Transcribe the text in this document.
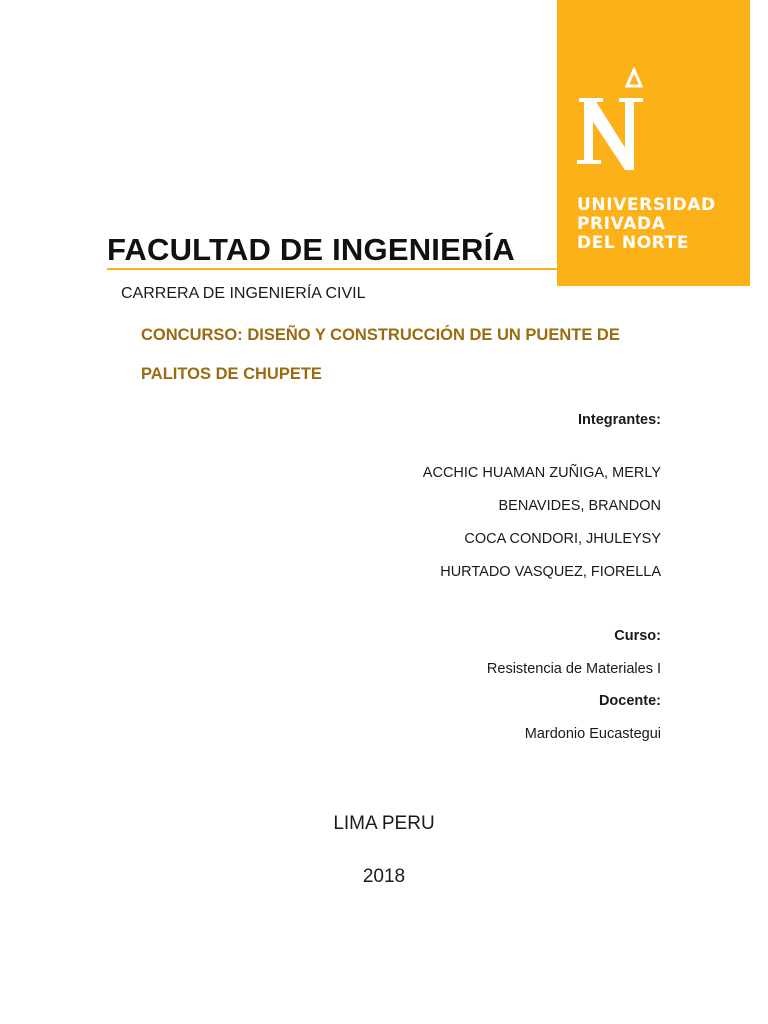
UNIVERSIDAD
PRIVADA
DEL NORTE
FACULTAD DE INGENIERÍA
CARRERA DE INGENIERÍA CIVIL
CONCURSO: DISEÑO Y CONSTRUCCIÓN DE UN PUENTE DE
PALITOS DE CHUPETE
Integrantes:
ACCHIC HUAMAN ZUÑIGA, MERLY
BENAVIDES, BRANDON
COCA CONDORI, JHULEYSY
HURTADO VASQUEZ, FIORELLA
Curso:
Resistencia de Materiales I
Docente:
Mardonio Eucastegui
LIMA PERU
2018
